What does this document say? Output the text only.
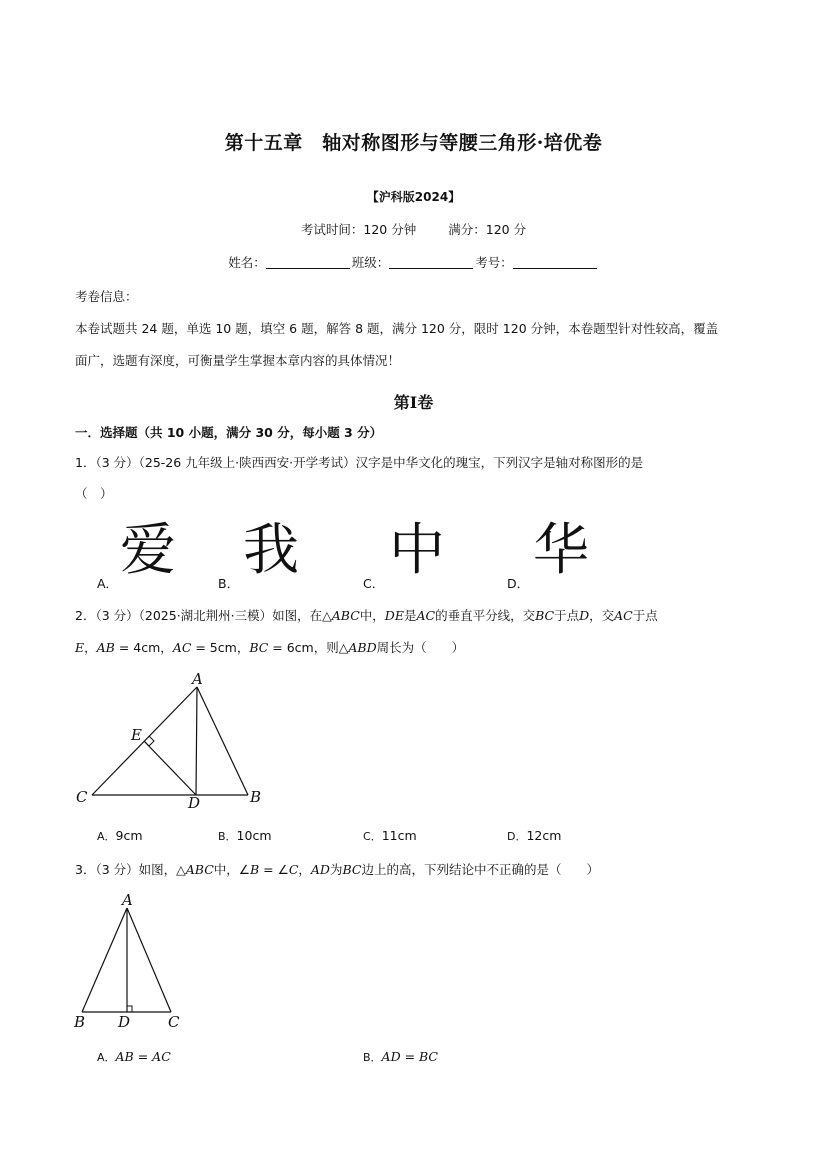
第十五章　轴对称图形与等腰三角形·培优卷
【沪科版2024】
考试时间：120 分钟	满分：120 分
姓名：	班级：	考号：
考卷信息：
本卷试题共 24 题，单选 10 题，填空 6 题，解答 8 题，满分 120 分，限时 120 分钟，本卷题型针对性较高，覆盖
面广，选题有深度，可衡量学生掌握本章内容的具体情况！
第Ⅰ卷
一．选择题（共 10 小题，满分 30 分，每小题 3 分）
1．（3 分）（25-26 九年级上·陕西西安·开学考试）汉字是中华文化的瑰宝，下列汉字是轴对称图形的是
（　）
A．
爱
B．
我
C．
中
D．
华
2．（3 分）（2025·湖北荆州·三模）如图，在△ABC中，DE是AC的垂直平分线，交BC于点D，交AC于点
E，AB = 4cm，AC = 5cm，BC = 6cm，则△ABD周长为（　　）
A
B
C	D
E
A．9cm	B．10cm	C．11cm	D．12cm
3．（3 分）如图，△ABC中，∠B = ∠C，AD为BC边上的高，下列结论中不正确的是（　　）
A
B	C
D
A．AB = AC	B．AD = BC
